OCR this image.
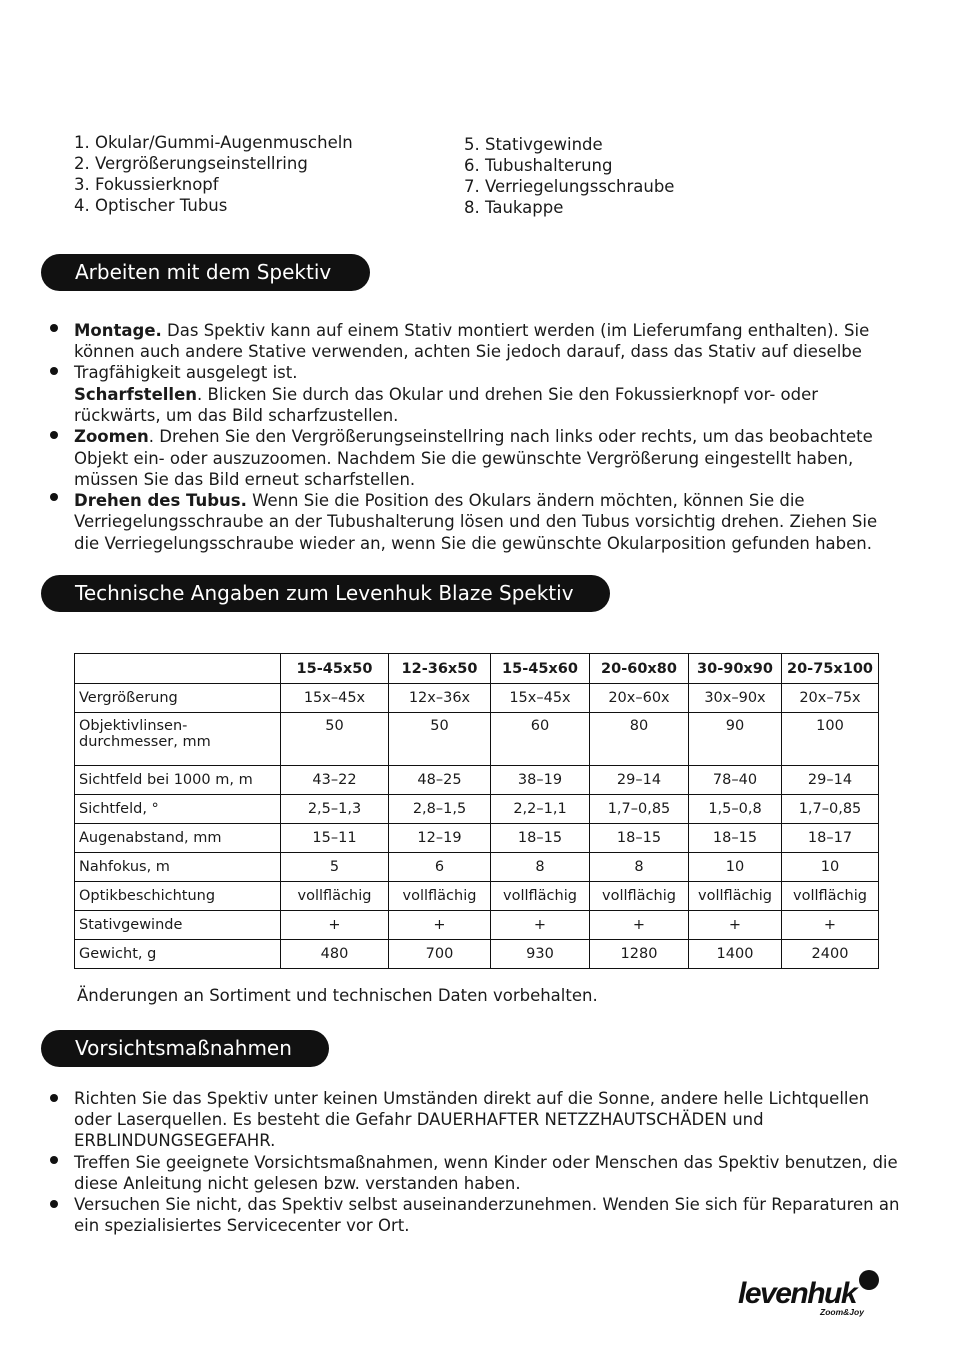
1. Okular/Gummi-Augenmuscheln
2. Vergrößerungseinstellring
3. Fokussierknopf
4. Optischer Tubus
5. Stativgewinde
6. Tubushalterung
7. Verriegelungsschraube
8. Taukappe
Arbeiten mit dem Spektiv
Montage. Das Spektiv kann auf einem Stativ montiert werden (im Lieferumfang enthalten). Sie
können auch andere Stative verwenden, achten Sie jedoch darauf, dass das Stativ auf dieselbe
Tragfähigkeit ausgelegt ist.
Scharfstellen. Blicken Sie durch das Okular und drehen Sie den Fokussierknopf vor- oder
rückwärts, um das Bild scharfzustellen.
Zoomen. Drehen Sie den Vergrößerungseinstellring nach links oder rechts, um das beobachtete
Objekt ein- oder auszuzoomen. Nachdem Sie die gewünschte Vergrößerung eingestellt haben,
müssen Sie das Bild erneut scharfstellen.
Drehen des Tubus. Wenn Sie die Position des Okulars ändern möchten, können Sie die
Verriegelungsschraube an der Tubushalterung lösen und den Tubus vorsichtig drehen. Ziehen Sie
die Verriegelungsschraube wieder an, wenn Sie die gewünschte Okularposition gefunden haben.
Technische Angaben zum Levenhuk Blaze Spektiv
	15-45x50	12-36x50	15-45x60	20-60x80	30-90x90	20-75x100
Vergrößerung	15x–45x	12x–36x	15x–45x	20x–60x	30x–90x	20x–75x
Objektivlinsen-
durchmesser, mm	50	50	60	80	90	100
Sichtfeld bei 1000 m, m	43–22	48–25	38–19	29–14	78–40	29–14
Sichtfeld, °	2,5–1,3	2,8–1,5	2,2–1,1	1,7–0,85	1,5–0,8	1,7–0,85
Augenabstand, mm	15–11	12–19	18–15	18–15	18–15	18–17
Nahfokus, m	5	6	8	8	10	10
Optikbeschichtung	vollflächig	vollflächig	vollflächig	vollflächig	vollflächig	vollflächig
Stativgewinde	+	+	+	+	+	+
Gewicht, g	480	700	930	1280	1400	2400
Änderungen an Sortiment und technischen Daten vorbehalten.
Vorsichtsmaßnahmen
Richten Sie das Spektiv unter keinen Umständen direkt auf die Sonne, andere helle Lichtquellen
oder Laserquellen. Es besteht die Gefahr DAUERHAFTER NETZZHAUTSCHÄDEN und
ERBLINDUNGSEGEFAHR.
Treffen Sie geeignete Vorsichtsmaßnahmen, wenn Kinder oder Menschen das Spektiv benutzen, die
diese Anleitung nicht gelesen bzw. verstanden haben.
Versuchen Sie nicht, das Spektiv selbst auseinanderzunehmen. Wenden Sie sich für Reparaturen an
ein spezialisiertes Servicecenter vor Ort.
levenhuk
Zoom&Joy
